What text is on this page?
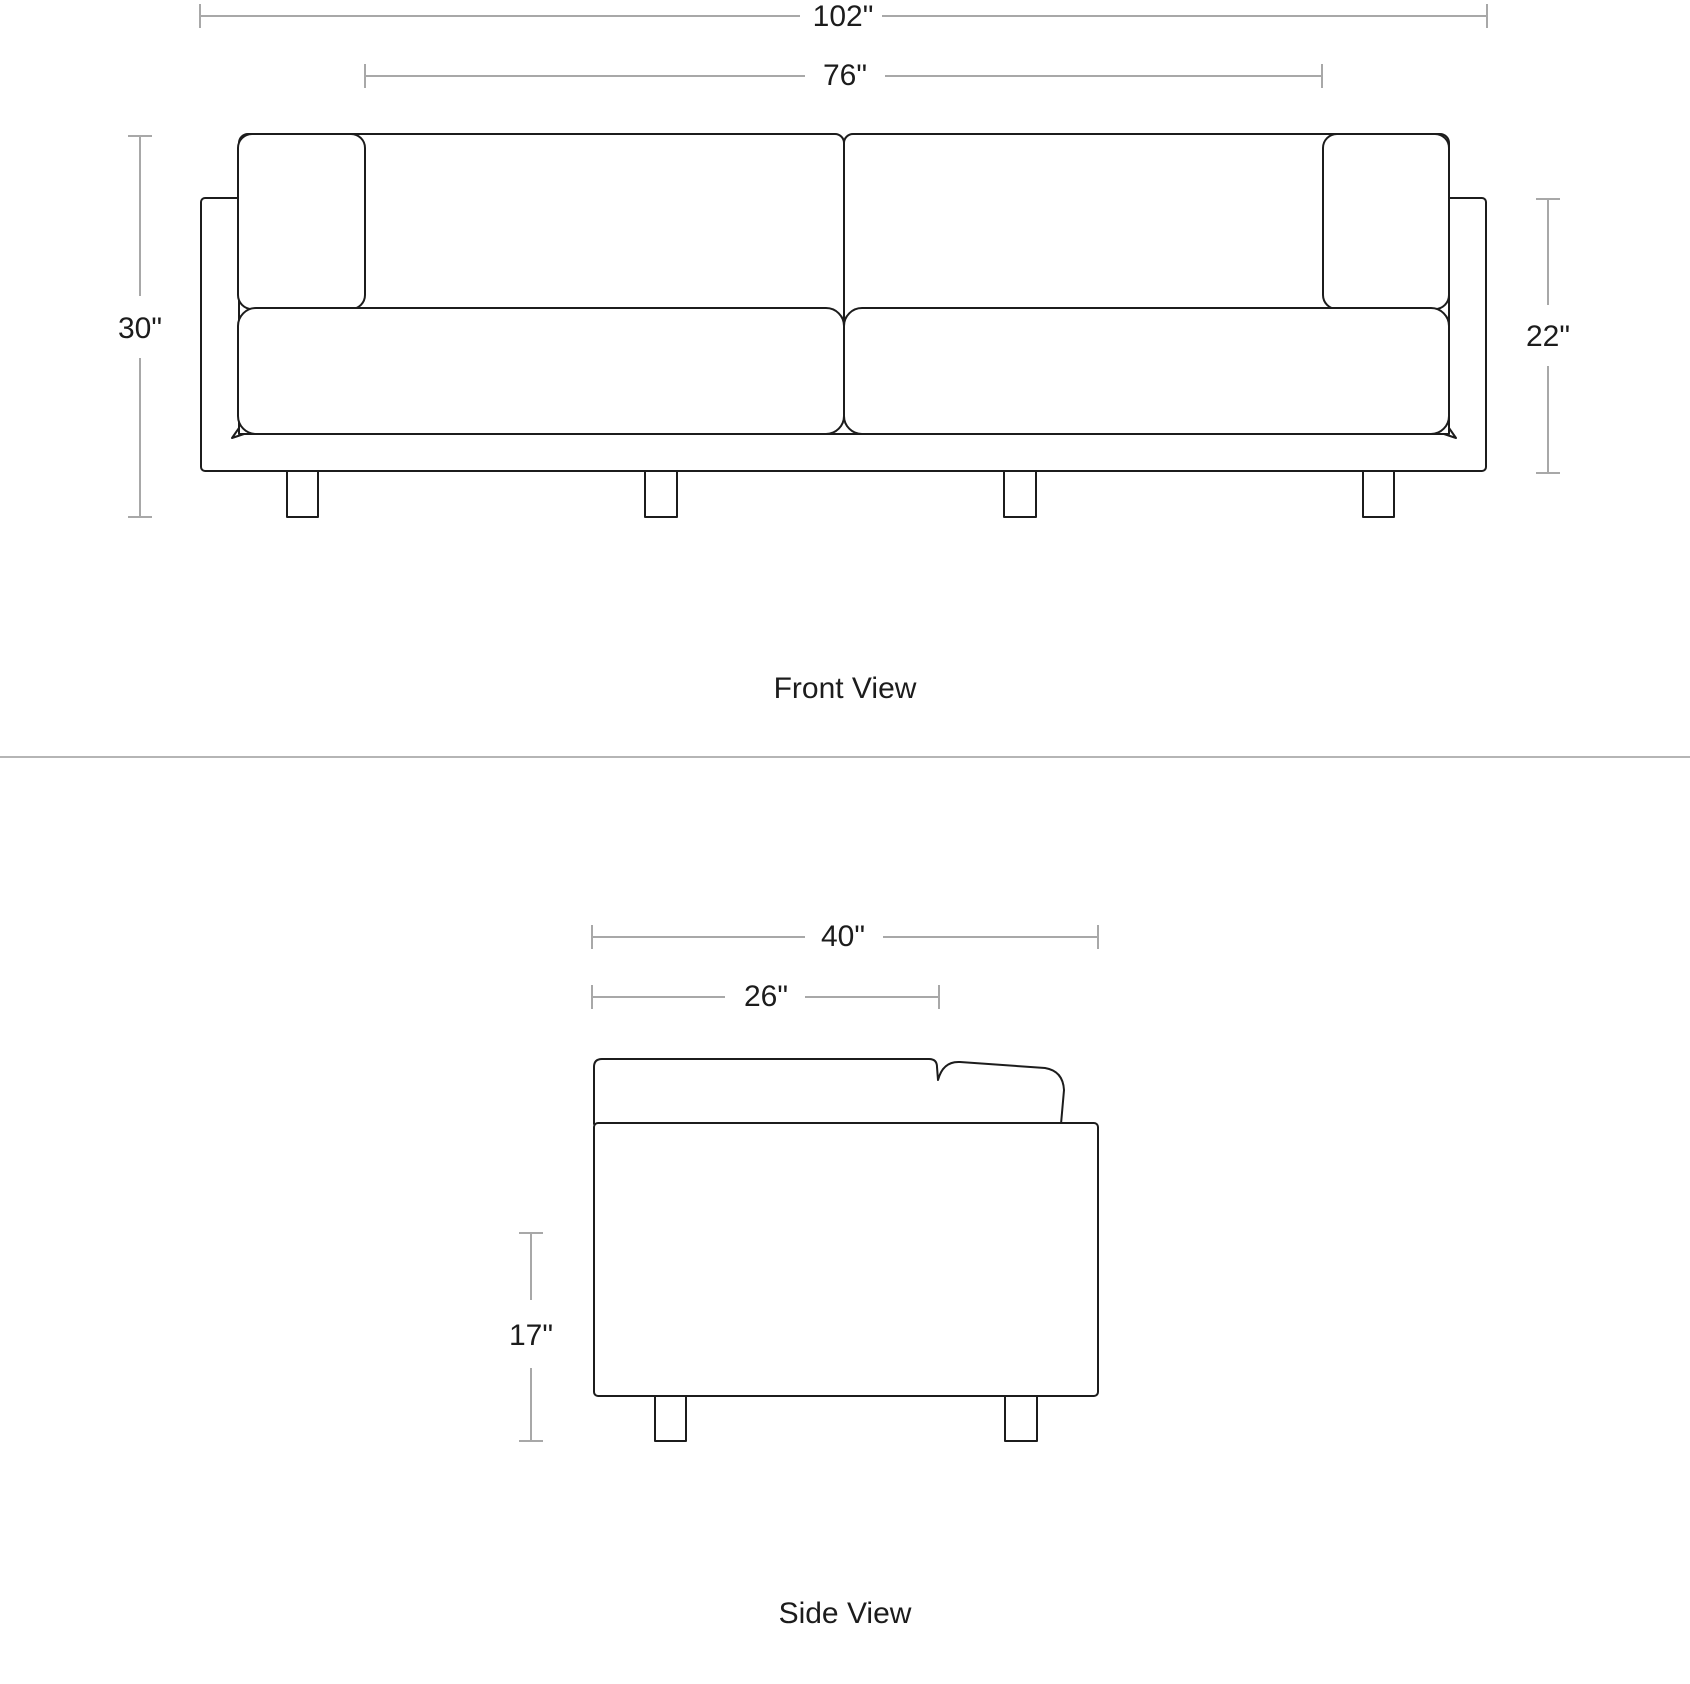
102"
76"
30"	22"
Front View
40"
26"
17"
Side View
